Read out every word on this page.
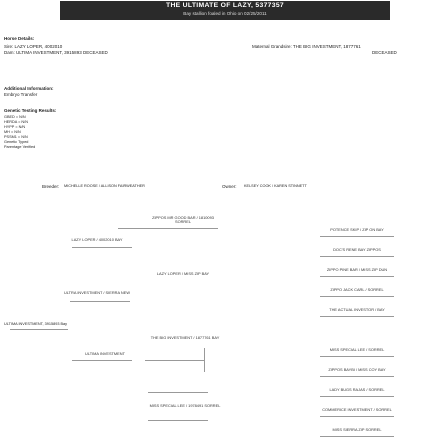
THE ULTIMATE OF LAZY, 5377357
Bay stallion foaled in Ohio on 02/25/2011
Horse Details:
Sire: LAZY LOPER, 4002010
Dam: ULTIMA INVESTMENT, 3915893 DECEASED
Maternal Grandsire: THE BIG INVESTMENT, 1877761
DECEASED
Additional Information:
Embryo Transfer
Genetic Testing Results:
GBED = N/N
HERDA = N/N
HYPP = N/N
MH = N/N
PSSM1 = N/N
Genetic Typed
Parentage Verified
Breeder: MICHELLE ROOSE / ALLISON FAIRWEATHER	Owner: KELSEY COOK / KAREN STINNETT
ZIPPOS MR GOOD BAR / 1810093 SORREL
LAZY LOPER / MISS ZIP BAY
THE BIG INVESTMENT / 1877761 BAY
MISS SPECIAL LEE / 1978491 SORREL
LAZY LOPER / 4002010 BAY
ULTRA INVESTMENT / SIERRA NEW
ULTIMA INVESTMENT
ULTIMA INVESTMENT, 3915893 Bay
POTENCE SKIP / ZIP ON BAY
DOC'S RENE BAY ZIPPOS
ZIPPO PINE BAR / MISS ZIP DUN
ZIPPO JACK CARL / SORREL
THE ACTUAL INVESTOR / BAY
MISS SPECIAL LEE / SORREL
ZIPPOS BAYBI / MISS COY BAY
LADY BUGS RAJAS / SORREL
COMMERICE INVESTMENT / SORREL
MISS SIERRA ZIP SORREL
